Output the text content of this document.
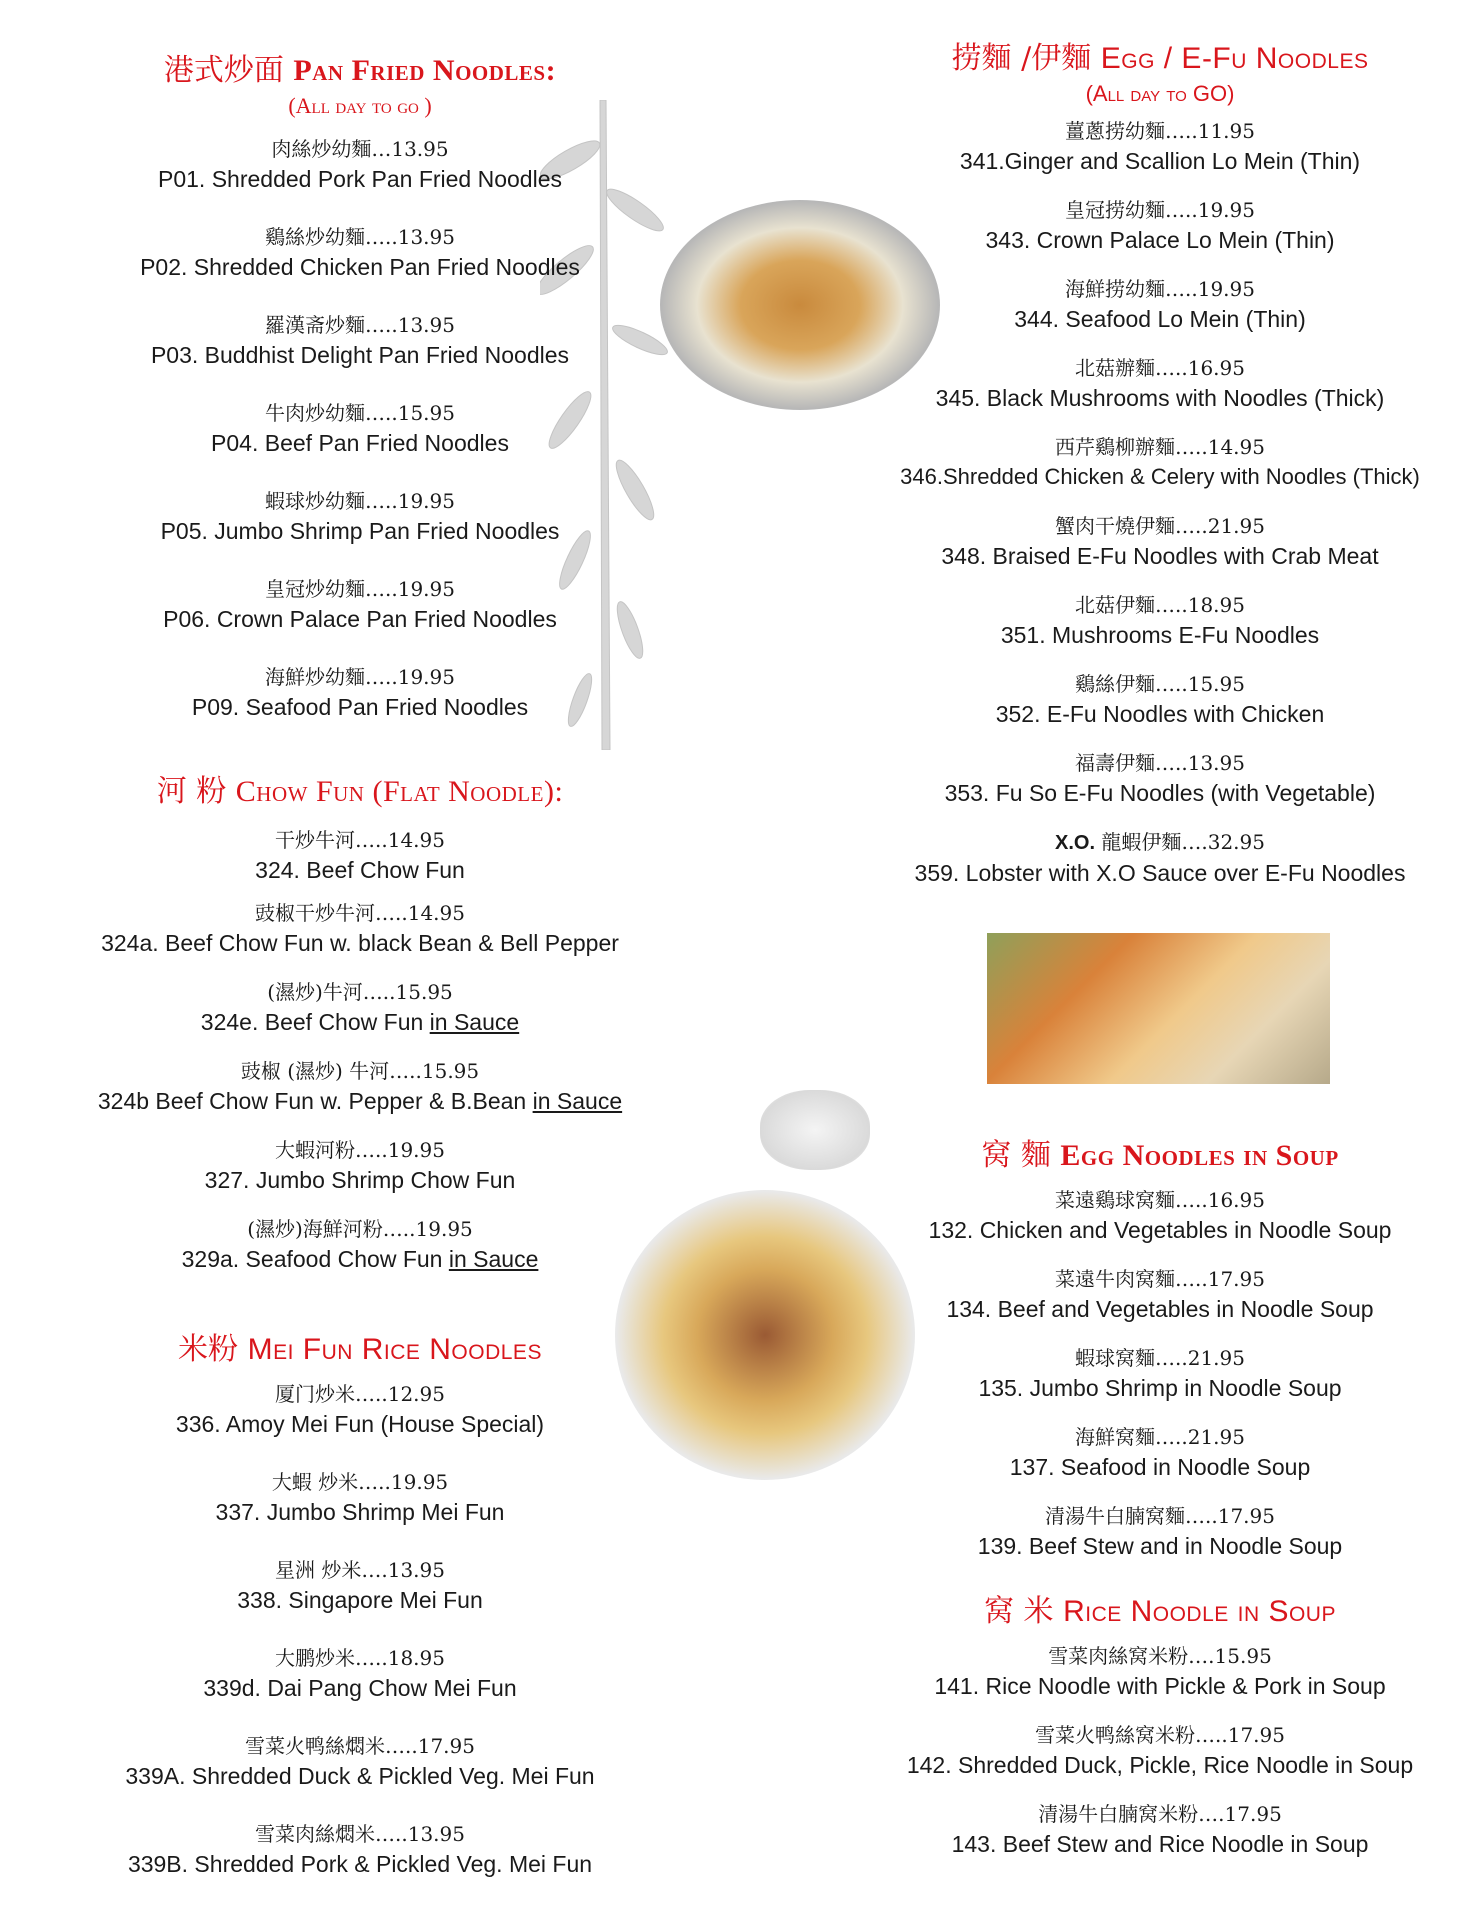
港式炒面 Pan Fried Noodles:
(All day to go )
肉絲炒幼麵…13.95
P01. Shredded Pork Pan Fried Noodles
鷄絲炒幼麵…..13.95
P02. Shredded Chicken Pan Fried Noodles
羅漢斋炒麵…..13.95
P03. Buddhist Delight Pan Fried Noodles
牛肉炒幼麵…..15.95
P04. Beef Pan Fried Noodles
蝦球炒幼麵…..19.95
P05. Jumbo Shrimp Pan Fried Noodles
皇冠炒幼麵…..19.95
P06. Crown Palace Pan Fried Noodles
海鮮炒幼麵…..19.95
P09. Seafood Pan Fried Noodles
河 粉 Chow Fun (Flat Noodle):
干炒牛河…..14.95
324. Beef Chow Fun
豉椒干炒牛河…..14.95
324a. Beef Chow Fun w. black Bean & Bell Pepper
(濕炒)牛河…..15.95
324e. Beef Chow Fun in Sauce
豉椒 (濕炒) 牛河…..15.95
324b Beef Chow Fun w. Pepper & B.Bean in Sauce
大蝦河粉…..19.95
327. Jumbo Shrimp Chow Fun
(濕炒)海鮮河粉…..19.95
329a. Seafood Chow Fun in Sauce
米粉 Mei Fun Rice Noodles
厦门炒米…..12.95
336. Amoy Mei Fun (House Special)
大蝦 炒米…..19.95
337. Jumbo Shrimp Mei Fun
星洲 炒米….13.95
338. Singapore Mei Fun
大鹏炒米…..18.95
339d. Dai Pang Chow Mei Fun
雪菜火鸭絲燜米…..17.95
339A. Shredded Duck & Pickled Veg. Mei Fun
雪菜肉絲燜米…..13.95
339B. Shredded Pork & Pickled Veg. Mei Fun
捞麵 /伊麵 Egg / E-Fu Noodles
(All day to GO)
薑蔥捞幼麵…..11.95
341.Ginger and Scallion Lo Mein (Thin)
皇冠捞幼麵…..19.95
343. Crown Palace Lo Mein (Thin)
海鮮捞幼麵…..19.95
344. Seafood Lo Mein (Thin)
北菇辦麵…..16.95
345. Black Mushrooms with Noodles (Thick)
西芹鷄柳辦麵…..14.95
346.Shredded Chicken & Celery with Noodles (Thick)
蟹肉干燒伊麵…..21.95
348. Braised E-Fu Noodles with Crab Meat
北菇伊麵…..18.95
351. Mushrooms E-Fu Noodles
鷄絲伊麵…..15.95
352. E-Fu Noodles with Chicken
福壽伊麵…..13.95
353. Fu So E-Fu Noodles (with Vegetable)
X.O. 龍蝦伊麵….32.95
359. Lobster with X.O Sauce over E-Fu Noodles
窝 麵 Egg Noodles in Soup
菜遠鷄球窝麵…..16.95
132. Chicken and Vegetables in Noodle Soup
菜遠牛肉窝麵…..17.95
134. Beef and Vegetables in Noodle Soup
蝦球窝麵…..21.95
135. Jumbo Shrimp in Noodle Soup
海鮮窝麵…..21.95
137. Seafood in Noodle Soup
清湯牛白腩窝麵…..17.95
139. Beef Stew and in Noodle Soup
窝 米 Rice Noodle in Soup
雪菜肉絲窝米粉….15.95
141. Rice Noodle with Pickle & Pork in Soup
雪菜火鸭絲窝米粉…..17.95
142. Shredded Duck, Pickle, Rice Noodle in Soup
清湯牛白腩窝米粉….17.95
143. Beef Stew and Rice Noodle in Soup
